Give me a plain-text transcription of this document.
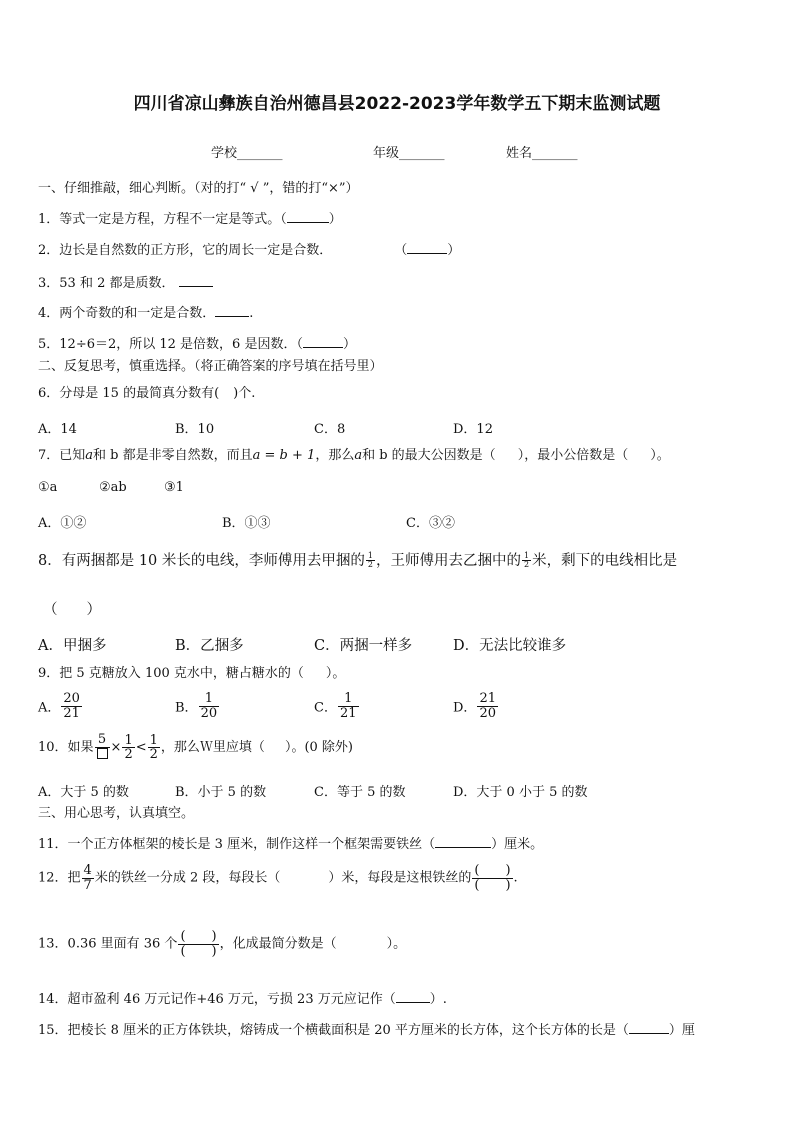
四川省凉山彝族自治州德昌县2022-2023学年数学五下期末监测试题
学校_______	年级_______	姓名_______
一、仔细推敲，细心判断。（对的打“ √ ”，错的打“×”）
1．等式一定是方程，方程不一定是等式。（	）
2．边长是自然数的正方形，它的周长一定是合数．	（	）
3．53 和 2 都是质数．
4．两个奇数的和一定是合数．	.
5．12÷6＝2，所以 12 是倍数，6 是因数．（	）
二、反复思考，慎重选择。（将正确答案的序号填在括号里）
6．分母是 15 的最简真分数有( )个.
A．14	B．10	C．8	D．12
7．已知a和 b 都是非零自然数，而且a = b + 1，那么a和 b 的最大公因数是（ ），最小公倍数是（ ）。
①a	②ab	③1
A．①②	B．①③	C．③②
8．有两捆都是 10 米长的电线，李师傅用去甲捆的 $\frac{1}{2}$ ，王师傅用去乙捆中的 $\frac{1}{2}$ 米，剩下的电线相比是
（　　）
A．甲捆多	B．乙捆多	C．两捆一样多	D．无法比较谁多
9．把 5 克糖放入 100 克水中，糖占糖水的（ ）。
A． $\frac{20}{21}$	B． $\frac{1}{20}$	C． $\frac{1}{21}$	D． $\frac{21}{20}$
10．如果
5
× $\frac{1}{2} < \frac{1}{2}$ ，那么Ｗ里应填（ ）。(0 除外)
A．大于 5 的数	B．小于 5 的数	C．等于 5 的数	D．大于 0 小于 5 的数
三、用心思考，认真填空。
11．一个正方体框架的棱长是 3 厘米，制作这样一个框架需要铁丝（	）厘米。
12．把 $\frac{4}{7}$ 米的铁丝一分成 2 段，每段长（	）米，每段是这根铁丝的 $\frac{( )}{( )}$ .
13．0.36 里面有 36 个 $\frac{( )}{( )}$ ，化成最简分数是（	）。
14．超市盈利 46 万元记作+46 万元，亏损 23 万元应记作（	）.
15．把棱长 8 厘米的正方体铁块，熔铸成一个横截面积是 20 平方厘米的长方体，这个长方体的长是（	）厘
